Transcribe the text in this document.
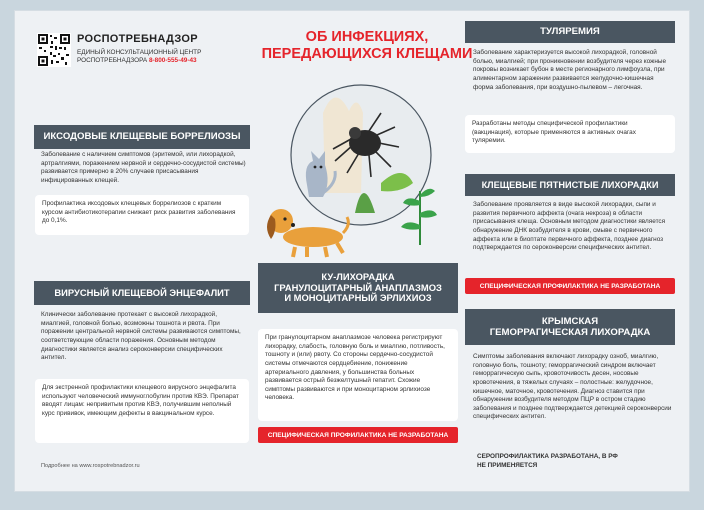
РОСПОТРЕБНАДЗОР
ЕДИНЫЙ КОНСУЛЬТАЦИОННЫЙ ЦЕНТР
РОСПОТРЕБНАДЗОРА 8-800-555-49-43
ОБ ИНФЕКЦИЯХ,
ПЕРЕДАЮЩИХСЯ КЛЕЩАМИ
ИКСОДОВЫЕ КЛЕЩЕВЫЕ БОРРЕЛИОЗЫ
Заболевание с наличием симптомов (эритемой, или лихорадкой, артралгиями, поражением нервной и сердечно-сосудистой системы) развивается примерно в 20% случаев присасывания инфицированных клещей.
Профилактика иксодовых клещевых боррелиозов с кратким курсом антибиотикотерапии снижает риск развития заболевания до 0,1%.
ВИРУСНЫЙ КЛЕЩЕВОЙ ЭНЦЕФАЛИТ
Клинически заболевание протекает с высокой лихорадкой, миалгией, головной болью, возможны тошнота и рвота. При поражении центральной нервной системы развиваются симптомы, соответствующие области поражения. Основным методом диагностики является анализ сероконверсии специфических антител.
Для экстренной профилактики клещевого вирусного энцефалита используют человеческий иммуноглобулин против КВЭ. Препарат вводят лицам: непривитым против КВЭ, получившим неполный курс прививок, имеющим дефекты в вакцинальном курсе.
КУ-ЛИХОРАДКА
ГРАНУЛОЦИТАРНЫЙ АНАПЛАЗМОЗ
И МОНОЦИТАРНЫЙ ЭРЛИХИОЗ
При гранулоцитарном анаплазмозе человека регистрируют лихорадку, слабость, головную боль и миалгию, потливость, тошноту и (или) рвоту. Со стороны сердечно-сосудистой системы отмечаются сердцебиение, понижение артериального давления, у большинства больных развивается острый безжелтушный гепатит. Схожие симптомы развиваются и при моноцитарном эрлихиозе человека.
СПЕЦИФИЧЕСКАЯ ПРОФИЛАКТИКА НЕ РАЗРАБОТАНА
ТУЛЯРЕМИЯ
Заболевание характеризуется высокой лихорадкой, головной болью, миалгией; при проникновении возбудителя через кожные покровы возникает бубон в месте регионарного лимфоузла, при алиментарном заражении развивается желудочно-кишечная форма заболевания, при воздушно-пылевом – легочная.
Разработаны методы специфической профилактики (вакцинация), которые применяются в активных очагах туляремии.
КЛЕЩЕВЫЕ ПЯТНИСТЫЕ ЛИХОРАДКИ
Заболевание проявляется в виде высокой лихорадки, сыпи и развития первичного аффекта (очага некроза) в области присасывания клеща. Основным методом диагностики является обнаружение ДНК возбудителя в крови, смыве с первичного аффекта или в биоптате первичного аффекта, позднее диагноз подтверждается по сероконверсии специфических антител.
СПЕЦИФИЧЕСКАЯ ПРОФИЛАКТИКА НЕ РАЗРАБОТАНА
КРЫМСКАЯ
ГЕМОРРАГИЧЕСКАЯ ЛИХОРАДКА
Симптомы заболевания включают лихорадку озноб, миалгию, головную боль, тошноту; геморрагический синдром включает геморрагическую сыпь, кровоточивость десен, носовые кровотечения, в тяжелых случаях – полостные: желудочное, кишечное, маточное, кровотечения. Диагноз ставится при обнаружении возбудителя методом ПЦР в остром стадию заболевания и позднее подтверждается детекцией сероконверсии специфических антител.
СЕРОПРОФИЛАКТИКА РАЗРАБОТАНА, В РФ
НЕ ПРИМЕНЯЕТСЯ
Подробнее на www.rospotrebnadzor.ru
